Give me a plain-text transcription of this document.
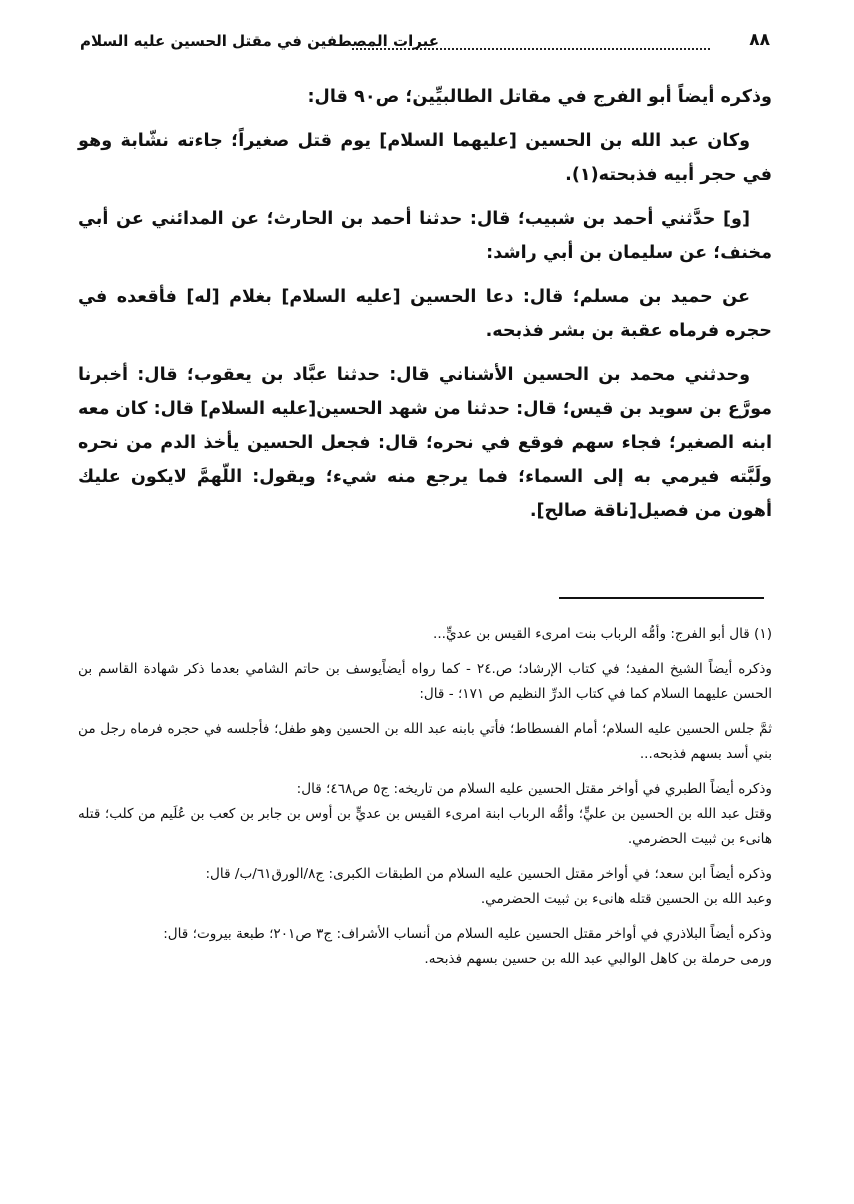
٨٨
عبرات المصطفين في مقتل الحسين عليه السلام

وذكره أيضاً أبو الفرج في مقاتل الطالبيِّين؛ ص٩٠ قال:

وكان عبد الله بن الحسين [عليهما السلام] يوم قتل صغيراً؛ جاءته نشّابة وهو في حجر أبيه فذبحته(١).

[و] حدَّثني أحمد بن شبيب؛ قال: حدثنا أحمد بن الحارث؛ عن المدائني عن أبي مخنف؛ عن سليمان بن أبي راشد:

عن حميد بن مسلم؛ قال: دعا الحسين [عليه السلام] بغلام [له] فأقعده في حجره فرماه عقبة بن بشر فذبحه.

وحدثني محمد بن الحسين الأشناني قال: حدثنا عبَّاد بن يعقوب؛ قال: أخبرنا مورَّع بن سويد بن قيس؛ قال: حدثنا من شهد الحسين[عليه السلام] قال: كان معه ابنه الصغير؛ فجاء سهم فوقع في نحره؛ قال: فجعل الحسين يأخذ الدم من نحره ولَبَّته فيرمي به إلى السماء؛ فما يرجع منه شيء؛ ويقول: اللّهمَّ لايكون عليك أهون من فصيل[ناقة صالح].

(١) قال أبو الفرج: وأمُّه الرباب بنت امرىء القيس بن عديٍّ...

وذكره أيضاً الشيخ المفيد؛ في كتاب الإرشاد؛ ص.٢٤ - كما رواه أيضاًيوسف بن حاتم الشامي بعدما ذكر شهادة القاسم بن الحسن عليهما السلام كما في كتاب الدرِّ النظيم ص ١٧١؛ - قال:

ثمَّ جلس الحسين عليه السلام؛ أمام الفسطاط؛ فأتي بابنه عبد الله بن الحسين وهو طفل؛ فأجلسه في حجره فرماه رجل من بني أسد بسهم فذبحه...

وذكره أيضاً الطبري في أواخر مقتل الحسين عليه السلام من تاريخه: ج٥ ص٤٦٨؛ قال:

وقتل عبد الله بن الحسين بن عليٍّ؛ وأمُّه الرباب ابنة امرىء القيس بن عديٍّ بن أوس بن جابر بن كعب بن عُلَيم من كلب؛ قتله هانىء بن ثبيت الحضرمي.

وذكره أيضاً ابن سعد؛ في أواخر مقتل الحسين عليه السلام من الطبقات الكبرى: ج٨/الورق٦١/ب/ قال:

وعبد الله بن الحسين قتله هانىء بن ثبيت الحضرمي.

وذكره أيضاً البلاذري في أواخر مقتل الحسين عليه السلام من أنساب الأشراف: ج٣ ص٢٠١؛ طبعة بيروت؛ قال:

ورمى حرملة بن كاهل الوالبي عبد الله بن حسين بسهم فذبحه.
